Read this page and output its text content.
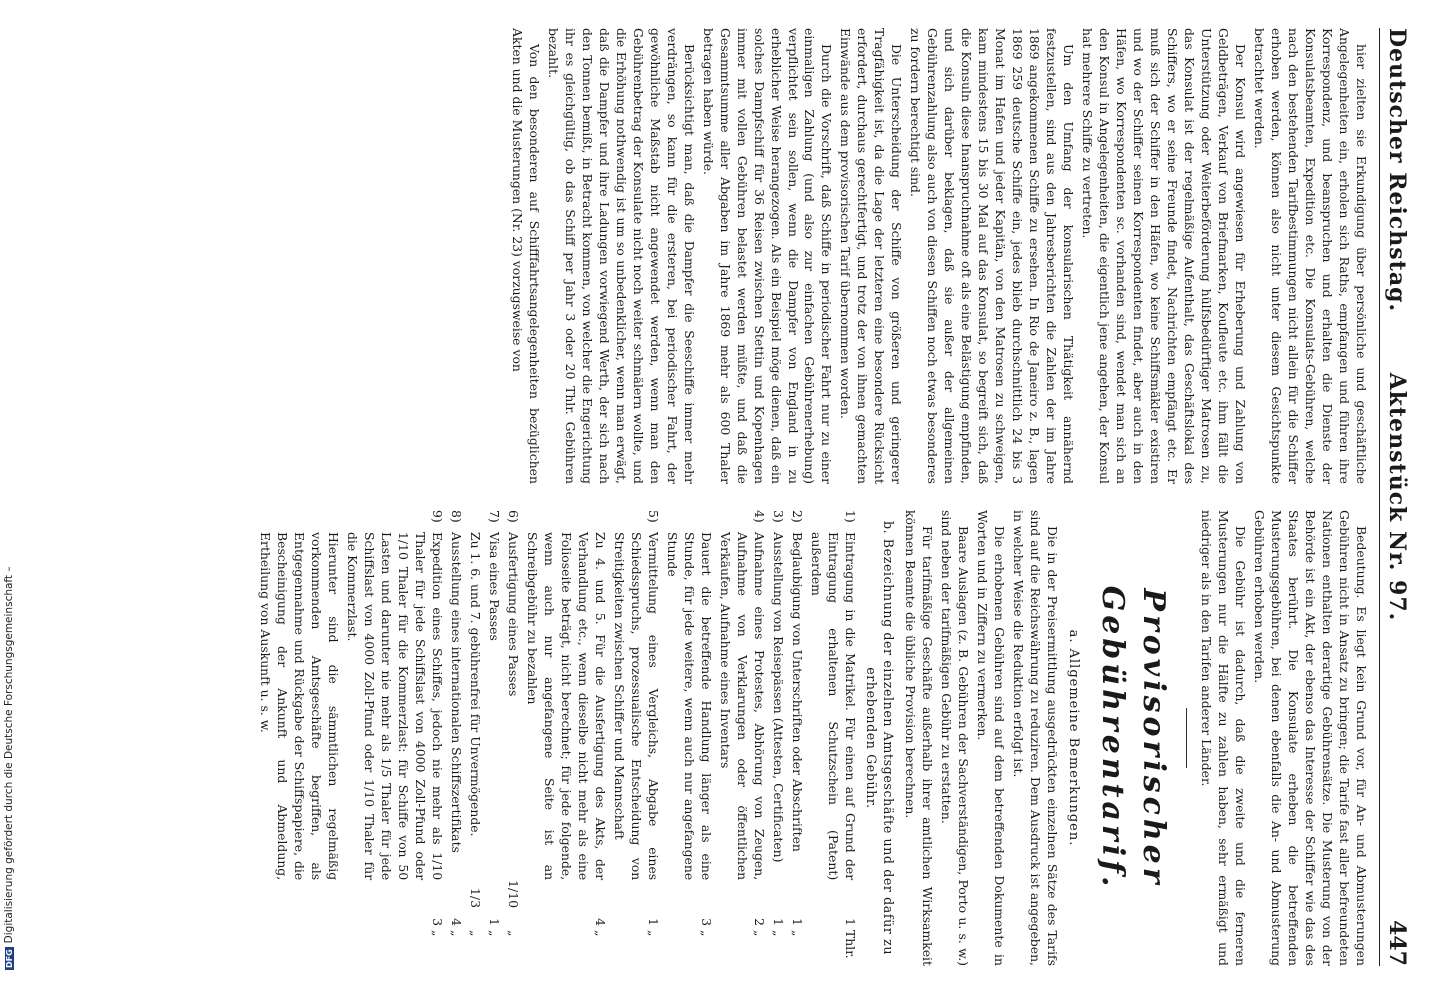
DFGDigitalisierung gefördert durch die Deutsche Forschungsgemeinschaft –
Deutscher Reichstag.
Aktenstück Nr. 97.
447

hier zielten sie Erkundigung über persönliche und geschäftliche Angelegenheiten ein, erholen sich Raths, empfangen und führen ihre Korrespondenz, und beanspruchen und erhalten die Dienste der Konsulatsbeamten, Expedition etc. Die Konsulats-Gebühren, welche nach den bestehenden Tarifbestimmungen nicht allein für die Schiffer erhoben werden, können also nicht unter diesem Gesichtspunkte betrachtet werden.

Der Konsul wird angewiesen für Erheberung und Zahlung von Geldbeträgen, Verkauf von Briefmarken, Koufleute etc. ihm fällt die Unterstützung oder Weiterbeförderung hülfsbedürftiger Matrosen zu, das Konsulat ist der regelmäßige Aufenthalt, das Geschäftslokal des Schiffers, wo er seine Freunde findet, Nachrichten empfängt etc. Er muß sich der Schiffer in den Häfen, wo keine Schiffsmäkler existiren und wo der Schiffer seinen Korrespondenten findet, aber auch in den Häfen, wo Korrespondenten sc. vorhanden sind, wendet man sich an den Konsul in Angelegenheiten, die eigentlich jene angehen, der Konsul hat mehrere Schiffe zu vertreten.

Um den Umfang der konsularischen Thätigkeit annähernd festzustellen, sind aus den Jahresberichten die Zahlen der im Jahre 1869 angekommenen Schiffe zu ersehen. In Rio de Janeiro z. B., lagen 1869 259 deutsche Schiffe ein, jedes blieb durchschnittlich 24 bis 3 Monat im Hafen und jeder Kapitän, von den Matrosen zu schweigen, kam mindestens 15 bis 30 Mal auf das Konsulat, so begreift sich, daß die Konsuln diese Inanspruchnahme oft als eine Belästigung empfinden, und sich darüber beklagen, daß sie außer der allgemeinen Gebührenzahlung also auch von diesen Schiffen noch etwas besonderes zu fordern berechtigt sind.

Die Unterscheidung der Schiffe von größeren und geringerer Tragfähigkeit ist, da die Lage der letzteren eine besondere Rücksicht erfordert, durchaus gerechtfertigt, und trotz der von ihnen gemachten Einwände aus dem provisorischen Tarif übernommen worden.

Durch die Vorschrift, daß Schiffe in periodischer Fahrt nur zu einer einmaligen Zahlung (und also zur einfachen Gebührenerhebung) verpflichtet sein sollen, wenn die Dampfer von England in zu erheblicher Weise herangezogen. Als ein Beispiel möge dienen, daß ein solches Dampfschiff für 36 Reisen zwischen Stettin und Kopenhagen immer mit vollen Gebühren belastet werden müßte, und daß die Gesammtsumme aller Abgaben im Jahre 1869 mehr als 600 Thaler betragen haben würde.

Berücksichtigt man, daß die Dampfer die Seeschiffe immer mehr verdrängen, so kann für die ersteren, bei periodischer Fahrt, der gewöhnliche Maßstab nicht angewendet werden, wenn man den Gebührenbetrag der Konsulate nicht noch weiter schmälern wollte, und die Erhöhung nothwendig ist um so unbedenklicher, wenn man erwägt, daß die Dampfer und ihre Ladungen vorwiegend Werth, der sich nach den Tonnen bemißt, in Betracht kommen, von welcher die Engerichtung ihr es gleichgültig, ob das Schiff per Jahr 3 oder 20 Thlr. Gebühren bezahlt.

Von den besonderen auf Schifffahrtsangelegenheiten bezüglichen Akten und die Musterungen (Nr. 23) vorzugsweise von

Bedeutung. Es liegt kein Grund vor, für An- und Abmusterungen Gebühren nicht in Ansatz zu bringen; die Tarife fast aller befreundeten Nationen enthalten derartige Gebührensätze. Die Musterung von der Behörde ist ein Akt, der ebenso das Interesse der Schiffer wie das des Staates berührt. Die Konsulate erheben die betreffenden Musterungsgebühren, bei denen ebenfalls die An- und Abmusterung Gebühren erhoben werden.

Die Gebühr ist dadurch, daß die zweite und die ferneren Musterungen nur die Hälfte zu zahlen haben, sehr ermäßigt und niedriger als in den Tarifen anderer Länder.

Provisorischer Gebührentarif.
a. Allgemeine Bemerkungen.

Die in der Preisermittlung ausgedrückten einzelnen Sätze des Tarifs sind auf die Reichswährung zu reduziren. Dem Ausdruck ist angegeben, in welcher Weise die Reduktion erfolgt ist.

Die erhobenen Gebühren sind auf dem betreffenden Dokumente in Worten und in Ziffern zu vermerken.

Baare Auslagen (z. B. Gebühren der Sachverständigen, Porto u. s. w.) sind neben der tarifmäßigen Gebühr zu erstatten.

Für tarifmäßige Geschäfte außerhalb ihrer amtlichen Wirksamkeit können Beamte die übliche Provision berechnen.

b. Bezeichnung der einzelnen Amtsgeschäfte und der dafür zu erhebenden Gebühr.
1)	Eintragung in die Matrikel. Für einen auf Grund der Eintragung erhaltenen Schutzschein (Patent) außerdem		1	Thlr.
2)	Beglaubigung von Unterschriften oder Abschriften		1	„
3)	Ausstellung von Reisepässen (Attesten, Certificaten)		1	„
4)	Aufnahme eines Protestes, Abhörung von Zeugen, Aufnahme von Verklarungen oder öffentlichen Verkäufen, Aufnahme eines Inventars		2	„
	Dauert die betreffende Handlung länger als eine Stunde, für jede weitere, wenn auch nur angefangene Stunde		3	„
5)	Vermittelung eines Vergleichs, Abgabe eines Schiedsspruchs, prozessualische Entscheidung von Streitigkeiten zwischen Schiffer und Mannschaft		1	„
	Zu 4. und 5. Für die Ausfertigung des Akts, der Verhandlung etc., wenn dieselbe nicht mehr als eine Folioseite beträgt, nicht berechnet; für jede folgende, wenn auch nur angefangene Seite ist an Schreibgebühr zu bezahlen		4	„
6)	Ausfertigung eines Passes	1/10		„
7)	Visa eines Passes		1	„
	Zu 1. 6. und 7. gebührenfrei für Unvermögende.	1/3		„
8)	Ausstellung eines internationalen Schiffszertifikats		4	„
9)	Expedition eines Schiffes, jedoch nie mehr als 1/10 Thaler für jede Schiffslast von 4000 Zoll-Pfund oder 1/10 Thaler für die Kommerzlast: für Schiffe von 50 Lasten und darunter nie mehr als 1/5 Thaler für jede Schiffslast von 4000 Zoll-Pfund oder 1/10 Thaler für die Kommerzlast.		3	„
	Hierunter sind die sämmtlichen regelmäßig vorkommenden Amtsgeschäfte begriffen, als Entgegennahme und Rückgabe der Schiffspapiere, die Bescheinigung der Ankunft und Abmeldung, Ertheilung von Auskunft u. s. w.			
